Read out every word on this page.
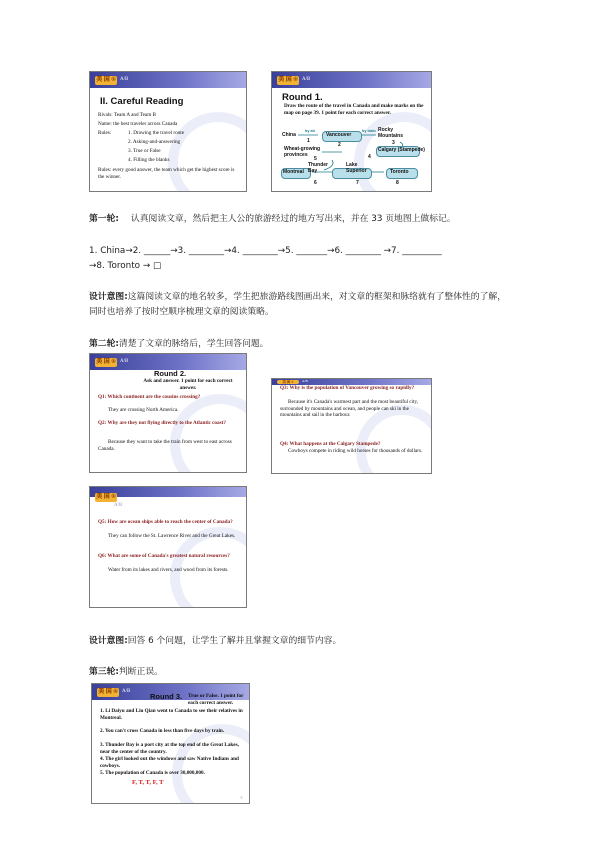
美 国 ® A/B
II. Careful Reading
Rivals: Team A and Team B
Name: the best traveler across Canada
Rules:	1. Drawing the travel route
2. Asking-and-answering
3. True or False
4. Filling the blanks
Rules: every good answer, the team which get the highest score is the winner.
美 国 ® A/B
Round 1.
Draw the route of the travel in Canada and make marks on the map on page 39. 1 point for each correct answer.
China	Vancouver
Rocky Mountains
Calgary (Stampede)
Wheat-growing provinces
Thunder Bay
Lake Superior	Toronto
Montreal
by air	by train
1
2	3
4
5
6	7	8
第一轮: 认真阅读文章，然后把主人公的旅游经过的地方写出来，并在 33 页地图上做标记。
1. China→2. ______→3. ________→4. ________→5. _______→6. ________ →7. _________
→8. Toronto → □
设计意图:这篇阅读文章的地名较多，学生把旅游路线图画出来，对文章的框架和脉络就有了整体性的了解，同时也培养了按时空顺序梳理文章的阅读策略。
第二轮:清楚了文章的脉络后，学生回答问题。
美 国 ® A/B
Round 2.
Ask and answer. 1 point for each correct answer.
Q1: Which continent are the cousins crossing?
They are crossing North America.
Q2: Why are they not flying directly to the Atlantic coast?
Because they want to take the train from west to east across Canada.
美 国 ®	A/B
Q3: Why is the population of Vancouver growing so rapidly?
Because it's Canada's warmest part and the most beautiful city, surrounded by mountains and ocean, and people can ski in the mountains and sail in the harbour.
Q4: What happens at the Calgary Stampede?
Cowboys compete in riding wild horses for thousands of dollars.
美 国 ®
A/B
Q5: How are ocean ships able to reach the center of Canada?
They can follow the St. Lawrence River and the Great Lakes.
Q6: What are some of Canada's greatest natural resources?
Water from its lakes and rivers, and wood from its forests.
设计意图:回答 6 个问题，让学生了解并且掌握文章的细节内容。
第三轮:判断正误。
美 国 ® A/B
Round 3. True or False. 1 point for each correct answer.
1. Li Daiyu and Liu Qian went to Canada to see their relatives in Montreal.
2. You can't cross Canada in less than five days by train.
3. Thunder Bay is a port city at the top end of the Great Lakes, near the center of the country.
4. The girl looked out the windows and saw Native Indians and cowboys.
5. The population of Canada is over 30,000,000.
F, T, T, F, T
©
